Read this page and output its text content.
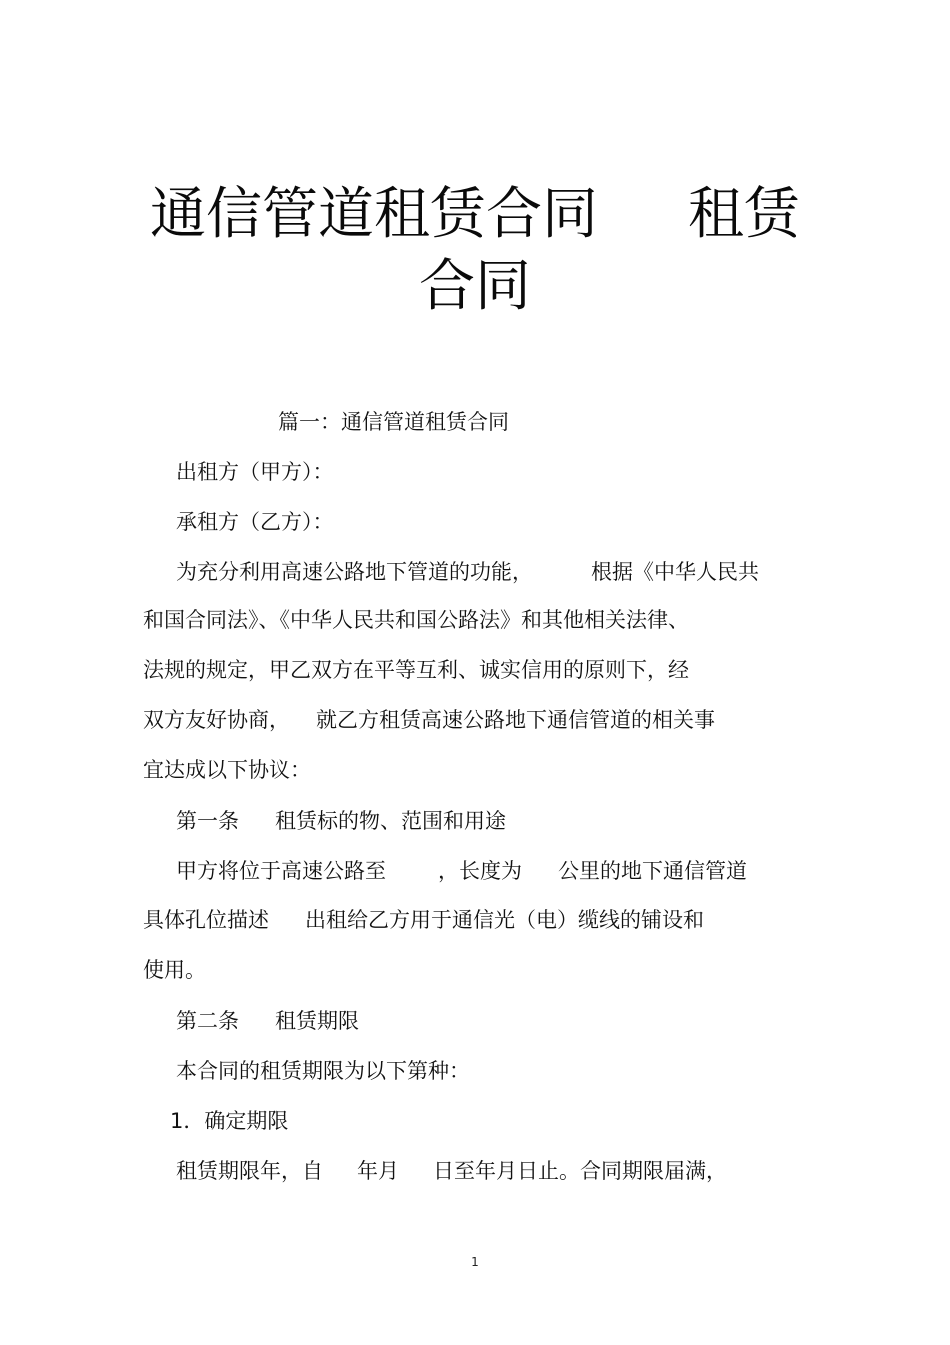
通信管道租赁合同 租赁
合同
篇一：通信管道租赁合同
出租方（甲方）：
承租方（乙方）：
为充分利用高速公路地下管道的功能，	根据《中华人民共
和国合同法》、《中华人民共和国公路法》和其他相关法律、
法规的规定，甲乙双方在平等互利、诚实信用的原则下，经
双方友好协商， 就乙方租赁高速公路地下通信管道的相关事
宜达成以下协议：
第一条 租赁标的物、范围和用途
甲方将位于高速公路至 ，长度为 公里的地下通信管道
具体孔位描述 出租给乙方用于通信光（电）缆线的铺设和
使用。
第二条 租赁期限
本合同的租赁期限为以下第种：
1．确定期限
租赁期限年，自 年月 日至年月日止。合同期限届满，
1
